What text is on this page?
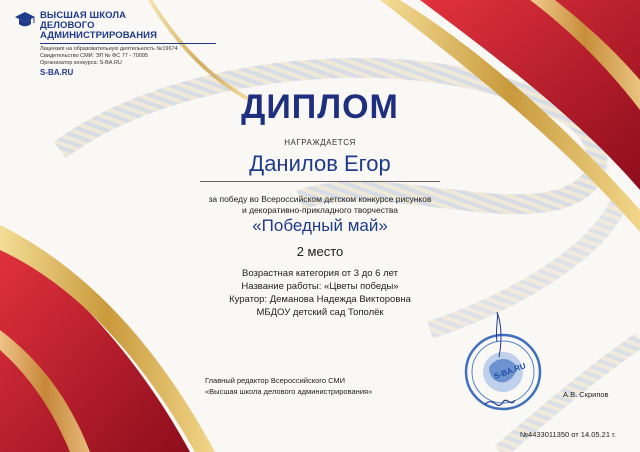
ВЫСШАЯ ШКОЛА
ДЕЛОВОГО АДМИНИСТРИРОВАНИЯ
Лицензия на образовательную деятельность №19674
Свидетельство СМИ: ЭЛ № ФС 77 - 70095
Организатор конкурса: S-BA.RU
S-BA.RU
ДИПЛОМ
НАГРАЖДАЕТСЯ
Данилов Егор
за победу во Всероссийском детском конкурсе рисунков
и декоративно-прикладного творчества
«Победный май»
2 место
Возрастная категория от 3 до 6 лет
Название работы: «Цветы победы»
Куратор: Деманова Надежда Викторовна
МБДОУ детский сад Тополёк
Главный редактор Всероссийского СМИ
«Высшая школа делового администрирования»
S-BA.RU
А.В. Скрипов
№4433011350 от 14.05.21 г.
